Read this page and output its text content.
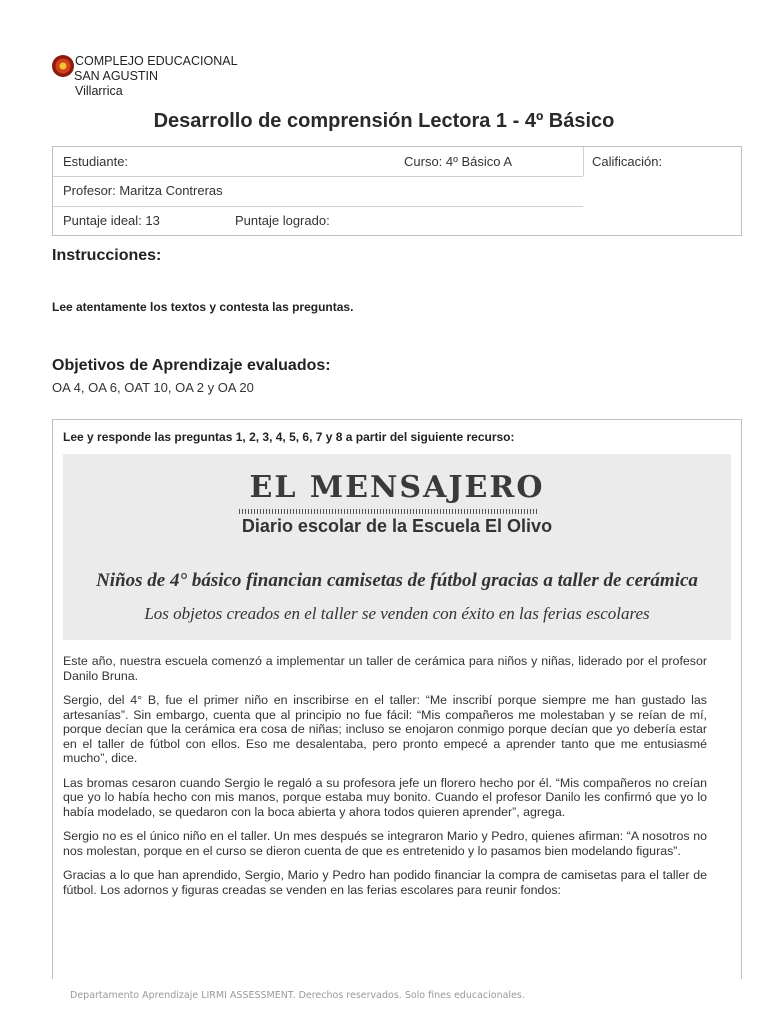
COMPLEJO EDUCACIONAL
SAN AGUSTIN
Villarrica
Desarrollo de comprensión Lectora 1 - 4º Básico
Estudiante:	Curso: 4º Básico A	Calificación:
Profesor: Maritza Contreras
Puntaje ideal: 13	Puntaje logrado:
Instrucciones:
Lee atentamente los textos y contesta las preguntas.
Objetivos de Aprendizaje evaluados:
OA 4, OA 6, OAT 10, OA 2 y OA 20
Lee y responde las preguntas 1, 2, 3, 4, 5, 6, 7 y 8 a partir del siguiente recurso:
EL MENSAJERO
Diario escolar de la Escuela El Olivo
Niños de 4° básico financian camisetas de fútbol gracias a taller de cerámica
Los objetos creados en el taller se venden con éxito en las ferias escolares

Este año, nuestra escuela comenzó a implementar un taller de cerámica para niños y niñas, liderado por el profesor Danilo Bruna.

Sergio, del 4° B, fue el primer niño en inscribirse en el taller: “Me inscribí porque siempre me han gustado las artesanías”. Sin embargo, cuenta que al principio no fue fácil: “Mis compañeros me molestaban y se reían de mí, porque decían que la cerámica era cosa de niñas; incluso se enojaron conmigo porque decían que yo debería estar en el taller de fútbol con ellos. Eso me desalentaba, pero pronto empecé a aprender tanto que me entusiasmé mucho”, dice.

Las bromas cesaron cuando Sergio le regaló a su profesora jefe un florero hecho por él. “Mis compañeros no creían que yo lo había hecho con mis manos, porque estaba muy bonito. Cuando el profesor Danilo les confirmó que yo lo había modelado, se quedaron con la boca abierta y ahora todos quieren aprender”, agrega.

Sergio no es el único niño en el taller. Un mes después se integraron Mario y Pedro, quienes afirman: “A nosotros no nos molestan, porque en el curso se dieron cuenta de que es entretenido y lo pasamos bien modelando figuras”.

Gracias a lo que han aprendido, Sergio, Mario y Pedro han podido financiar la compra de camisetas para el taller de fútbol. Los adornos y figuras creadas se venden en las ferias escolares para reunir fondos:

Departamento Aprendizaje LIRMI ASSESSMENT. Derechos reservados. Solo fines educacionales.
